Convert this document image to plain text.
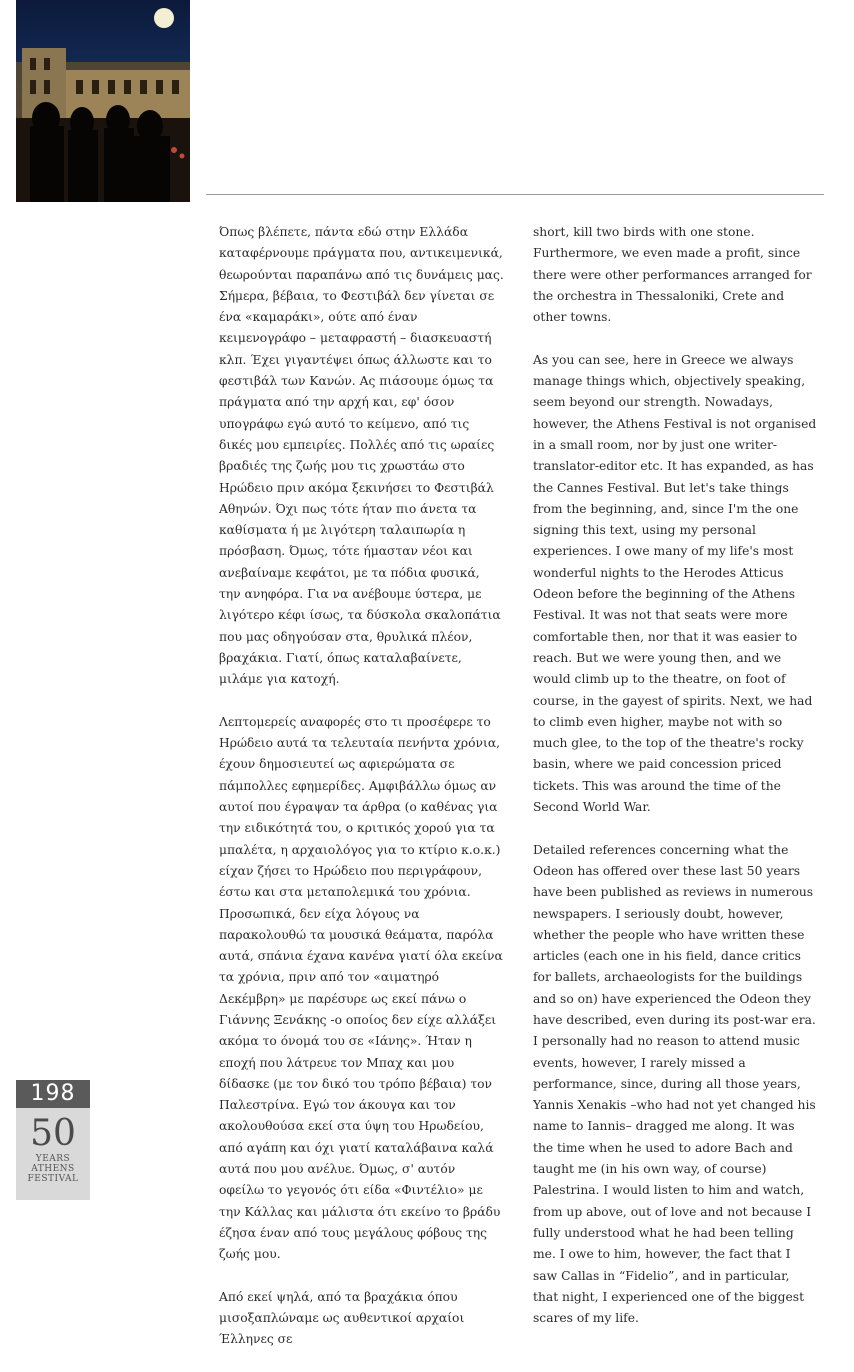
Όπως βλέπετε, πάντα εδώ στην Ελλάδα καταφέρνουμε πράγματα που, αντικειμενικά, θεωρούνται παραπάνω από τις δυνάμεις μας. Σήμερα, βέβαια, το Φεστιβάλ δεν γίνεται σε ένα «καμαράκι», ούτε από έναν κειμενογράφο – μεταφραστή – διασκευαστή κλπ. Έχει γιγαντέψει όπως άλλωστε και το φεστιβάλ των Κανών. Ας πιάσουμε όμως τα πράγματα από την αρχή και, εφ' όσον υπογράφω εγώ αυτό το κείμενο, από τις δικές μου εμπειρίες. Πολλές από τις ωραίες βραδιές της ζωής μου τις χρωστάω στο Ηρώδειο πριν ακόμα ξεκινήσει το Φεστιβάλ Αθηνών. Όχι πως τότε ήταν πιο άνετα τα καθίσματα ή με λιγότερη ταλαιπωρία η πρόσβαση. Όμως, τότε ήμασταν νέοι και ανεβαίναμε κεφάτοι, με τα πόδια φυσικά, την ανηφόρα. Για να ανέβουμε ύστερα, με λιγότερο κέφι ίσως, τα δύσκολα σκαλοπάτια που μας οδηγούσαν στα, θρυλικά πλέον, βραχάκια. Γιατί, όπως καταλαβαίνετε, μιλάμε για κατοχή.

Λεπτομερείς αναφορές στο τι προσέφερε το Ηρώδειο αυτά τα τελευταία πενήντα χρόνια, έχουν δημοσιευτεί ως αφιερώματα σε πάμπολλες εφημερίδες. Αμφιβάλλω όμως αν αυτοί που έγραψαν τα άρθρα (ο καθένας για την ειδικότητά του, ο κριτικός χορού για τα μπαλέτα, η αρχαιολόγος για το κτίριο κ.ο.κ.) είχαν ζήσει το Ηρώδειο που περιγράφουν, έστω και στα μεταπολεμικά του χρόνια. Προσωπικά, δεν είχα λόγους να παρακολουθώ τα μουσικά θεάματα, παρόλα αυτά, σπάνια έχανα κανένα γιατί όλα εκείνα τα χρόνια, πριν από τον «αιματηρό Δεκέμβρη» με παρέσυρε ως εκεί πάνω ο Γιάννης Ξενάκης -ο οποίος δεν είχε αλλάξει ακόμα το όνομά του σε «Ιάνης». Ήταν η εποχή που λάτρευε τον Μπαχ και μου δίδασκε (με τον δικό του τρόπο βέβαια) τον Παλεστρίνα. Εγώ τον άκουγα και τον ακολουθούσα εκεί στα ύψη του Ηρωδείου, από αγάπη και όχι γιατί καταλάβαινα καλά αυτά που μου ανέλυε. Όμως, σ' αυτόν οφείλω το γεγονός ότι είδα «Φιντέλιο» με την Κάλλας και μάλιστα ότι εκείνο το βράδυ έζησα έναν από τους μεγάλους φόβους της ζωής μου.

Από εκεί ψηλά, από τα βραχάκια όπου μισοξαπλώναμε ως αυθεντικοί αρχαίοι Έλληνες σε

short, kill two birds with one stone. Furthermore, we even made a profit, since there were other performances arranged for the orchestra in Thessaloniki, Crete and other towns.

As you can see, here in Greece we always manage things which, objectively speaking, seem beyond our strength. Nowadays, however, the Athens Festival is not organised in a small room, nor by just one writer-translator-editor etc. It has expanded, as has the Cannes Festival. But let's take things from the beginning, and, since I'm the one signing this text, using my personal experiences. I owe many of my life's most wonderful nights to the Herodes Atticus Odeon before the beginning of the Athens Festival. It was not that seats were more comfortable then, nor that it was easier to reach. But we were young then, and we would climb up to the theatre, on foot of course, in the gayest of spirits. Next, we had to climb even higher, maybe not with so much glee, to the top of the theatre's rocky basin, where we paid concession priced tickets. This was around the time of the Second World War.

Detailed references concerning what the Odeon has offered over these last 50 years have been published as reviews in numerous newspapers. I seriously doubt, however, whether the people who have written these articles (each one in his field, dance critics for ballets, archaeologists for the buildings and so on) have experienced the Odeon they have described, even during its post-war era. I personally had no reason to attend music events, however, I rarely missed a performance, since, during all those years, Yannis Xenakis –who had not yet changed his name to Iannis– dragged me along. It was the time when he used to adore Bach and taught me (in his own way, of course) Palestrina. I would listen to him and watch, from up above, out of love and not because I fully understood what he had been telling me. I owe to him, however, the fact that I saw Callas in “Fidelio”, and in particular, that night, I experienced one of the biggest scares of my life.

198
50
YEARS
ATHENS
FESTIVAL
